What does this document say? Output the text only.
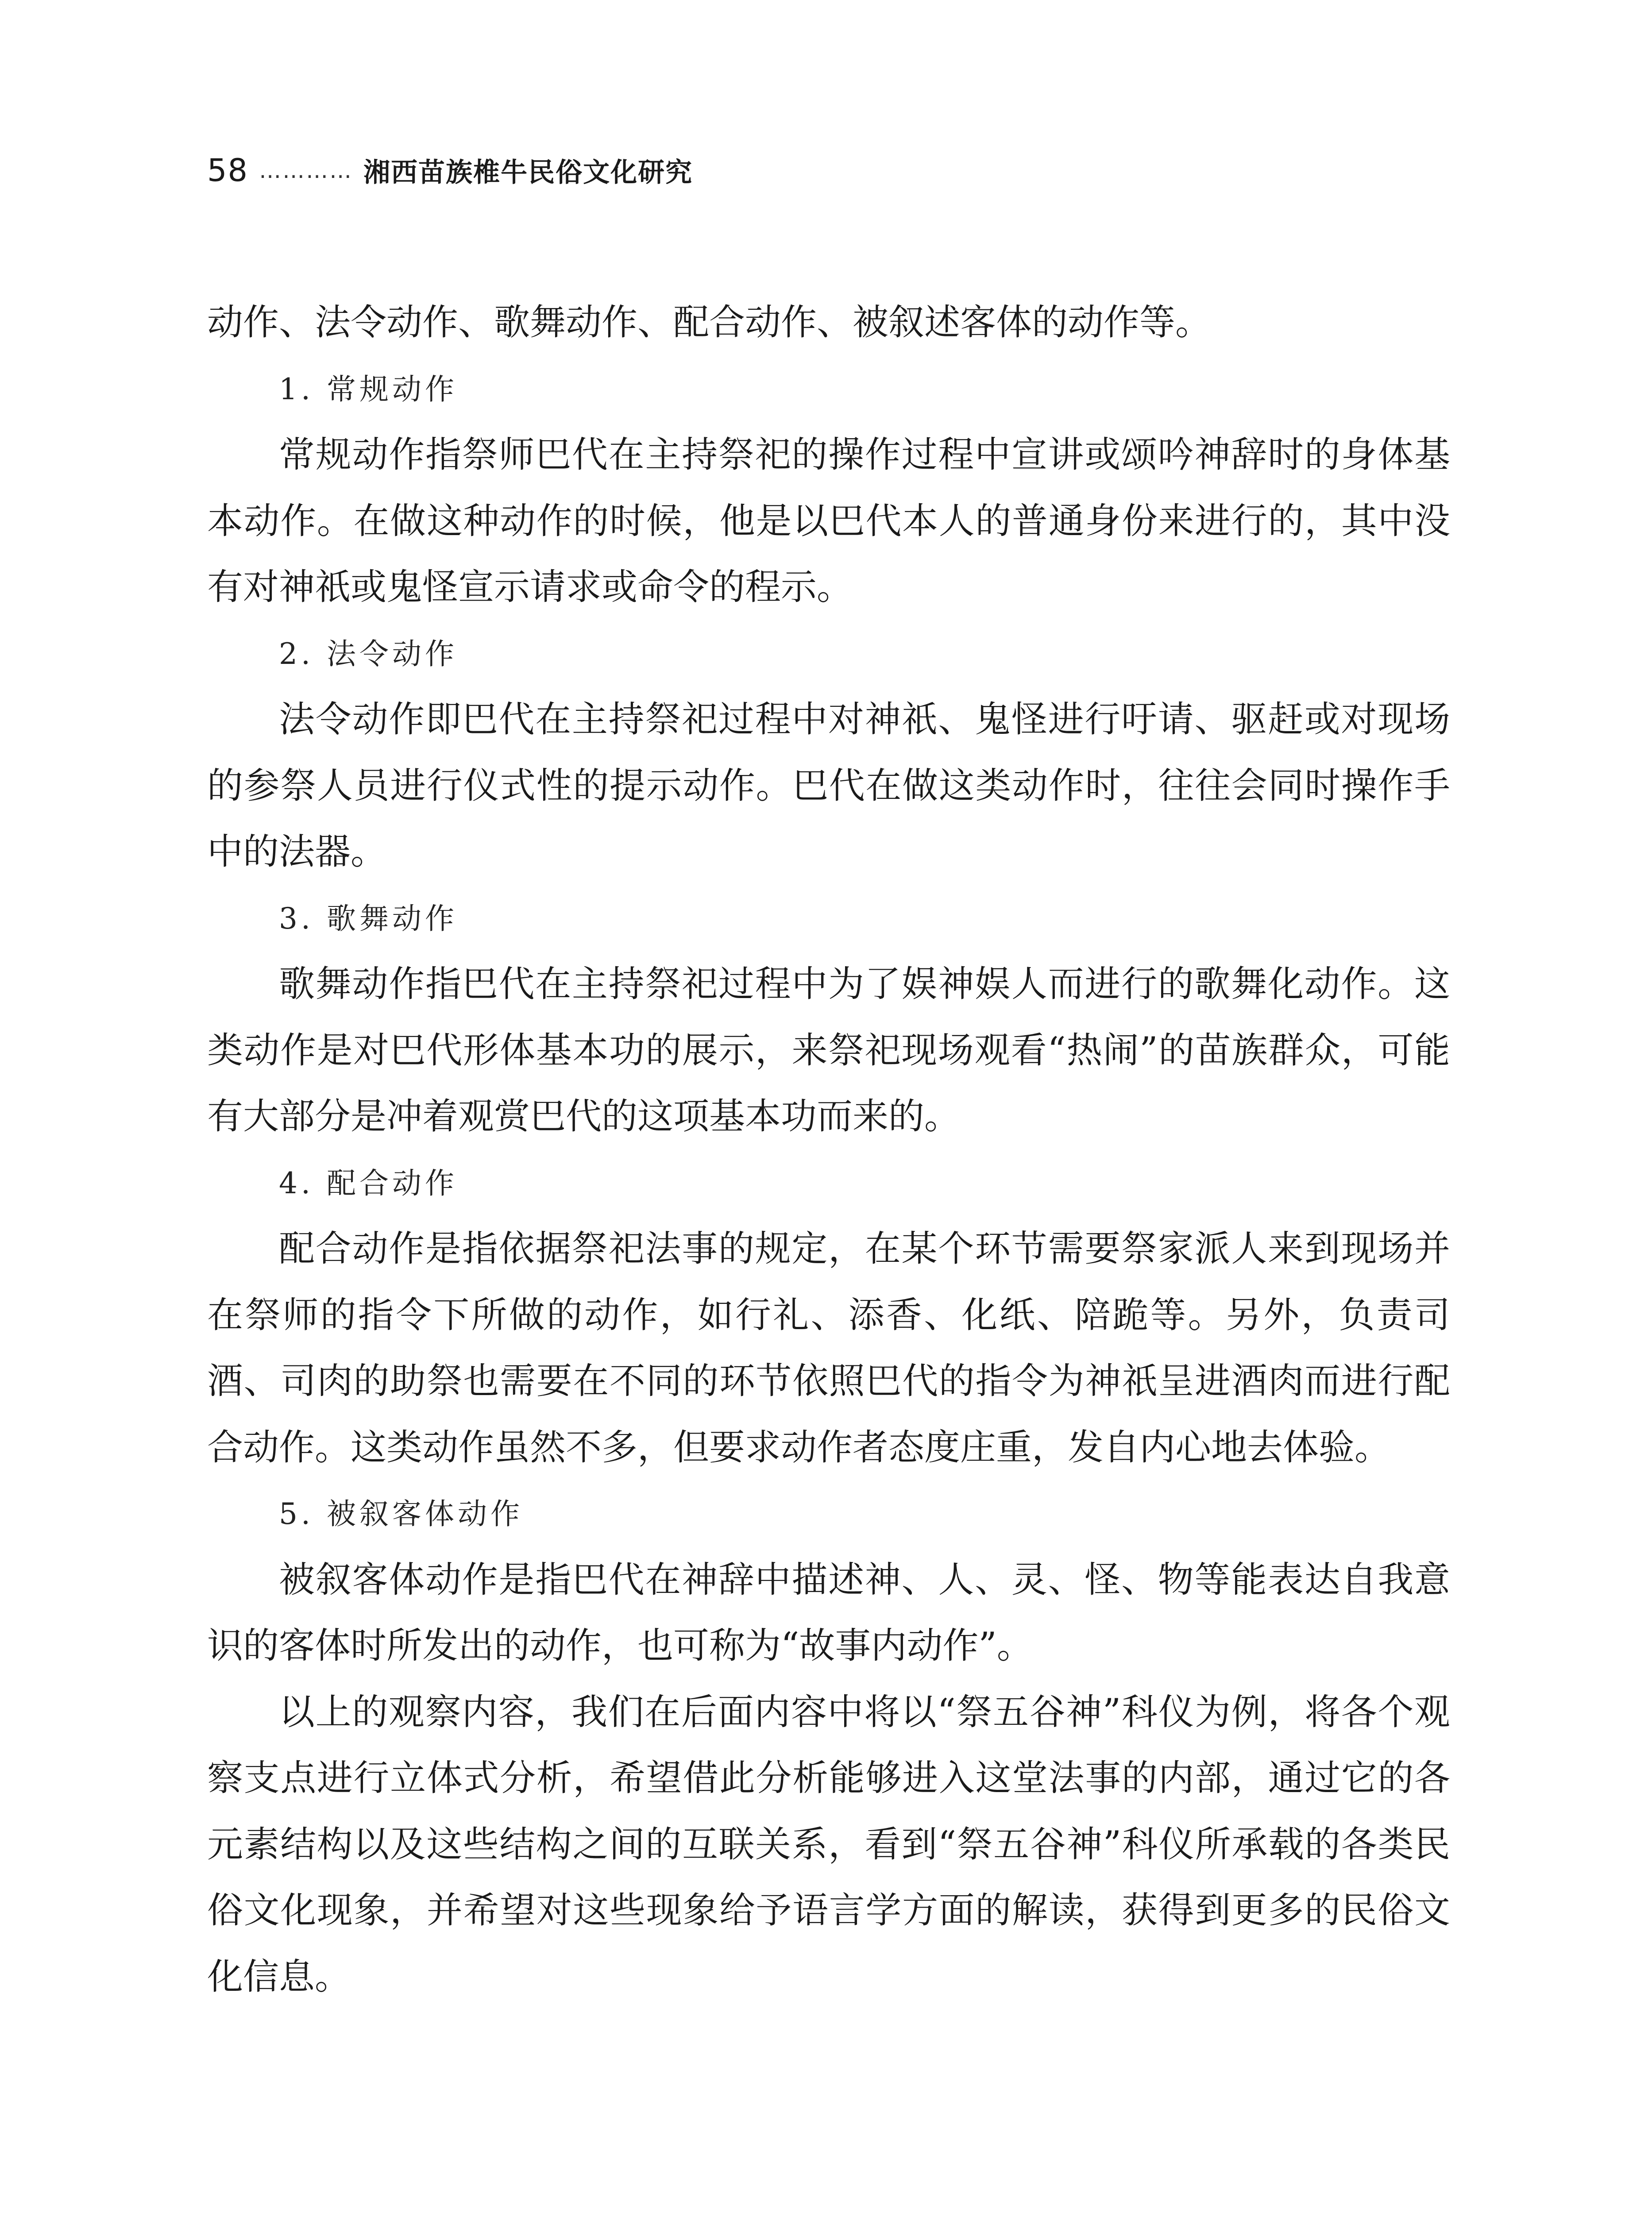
58 ………… 湘西苗族椎牛民俗文化研究

动作、法令动作、歌舞动作、配合动作、被叙述客体的动作等。

1. 常规动作

常规动作指祭师巴代在主持祭祀的操作过程中宣讲或颂吟神辞时的身体基本动作。在做这种动作的时候，他是以巴代本人的普通身份来进行的，其中没有对神祇或鬼怪宣示请求或命令的程示。

2. 法令动作

法令动作即巴代在主持祭祀过程中对神祇、鬼怪进行吁请、驱赶或对现场的参祭人员进行仪式性的提示动作。巴代在做这类动作时，往往会同时操作手中的法器。

3. 歌舞动作

歌舞动作指巴代在主持祭祀过程中为了娱神娱人而进行的歌舞化动作。这类动作是对巴代形体基本功的展示，来祭祀现场观看“热闹”的苗族群众，可能有大部分是冲着观赏巴代的这项基本功而来的。

4. 配合动作

配合动作是指依据祭祀法事的规定，在某个环节需要祭家派人来到现场并在祭师的指令下所做的动作，如行礼、添香、化纸、陪跪等。另外，负责司酒、司肉的助祭也需要在不同的环节依照巴代的指令为神祇呈进酒肉而进行配合动作。这类动作虽然不多，但要求动作者态度庄重，发自内心地去体验。

5. 被叙客体动作

被叙客体动作是指巴代在神辞中描述神、人、灵、怪、物等能表达自我意识的客体时所发出的动作，也可称为“故事内动作”。

以上的观察内容，我们在后面内容中将以“祭五谷神”科仪为例，将各个观察支点进行立体式分析，希望借此分析能够进入这堂法事的内部，通过它的各元素结构以及这些结构之间的互联关系，看到“祭五谷神”科仪所承载的各类民俗文化现象，并希望对这些现象给予语言学方面的解读，获得到更多的民俗文化信息。
